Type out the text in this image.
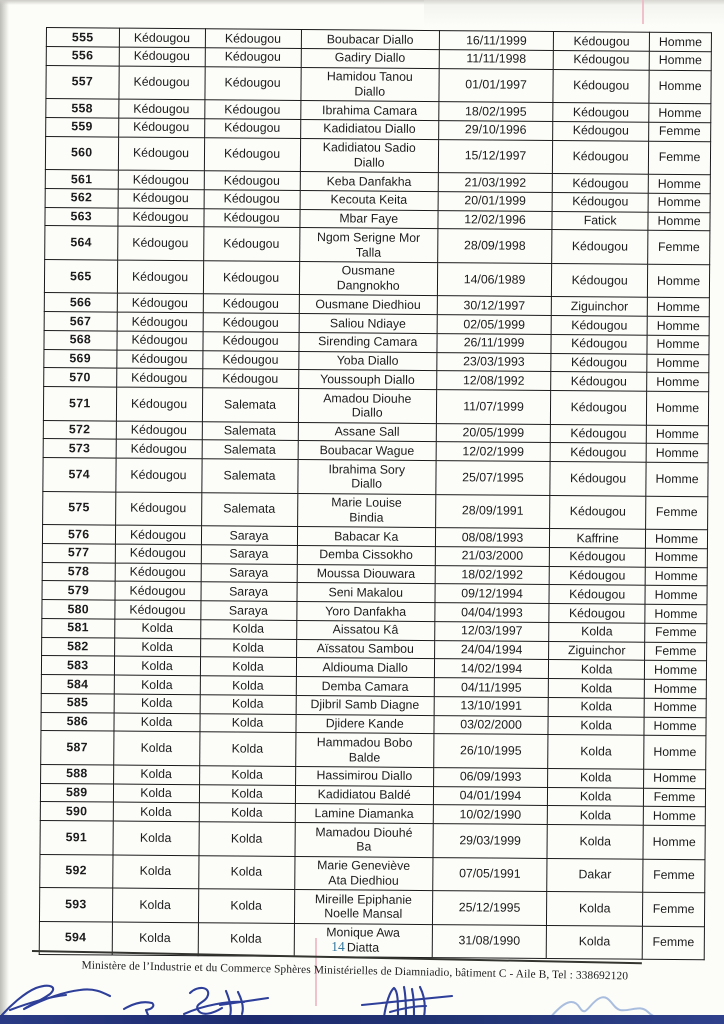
555	Kédougou	Kédougou	Boubacar Diallo	16/11/1999	Kédougou	Homme
556	Kédougou	Kédougou	Gadiry Diallo	11/11/1998	Kédougou	Homme
557	Kédougou	Kédougou	Hamidou Tanou
Diallo	01/01/1997	Kédougou	Homme
558	Kédougou	Kédougou	Ibrahima Camara	18/02/1995	Kédougou	Homme
559	Kédougou	Kédougou	Kadidiatou Diallo	29/10/1996	Kédougou	Femme
560	Kédougou	Kédougou	Kadidiatou Sadio
Diallo	15/12/1997	Kédougou	Femme
561	Kédougou	Kédougou	Keba Danfakha	21/03/1992	Kédougou	Homme
562	Kédougou	Kédougou	Kecouta Keita	20/01/1999	Kédougou	Homme
563	Kédougou	Kédougou	Mbar Faye	12/02/1996	Fatick	Homme
564	Kédougou	Kédougou	Ngom Serigne Mor
Talla	28/09/1998	Kédougou	Femme
565	Kédougou	Kédougou	Ousmane
Dangnokho	14/06/1989	Kédougou	Homme
566	Kédougou	Kédougou	Ousmane Diedhiou	30/12/1997	Ziguinchor	Homme
567	Kédougou	Kédougou	Saliou Ndiaye	02/05/1999	Kédougou	Homme
568	Kédougou	Kédougou	Sirending Camara	26/11/1999	Kédougou	Homme
569	Kédougou	Kédougou	Yoba Diallo	23/03/1993	Kédougou	Homme
570	Kédougou	Kédougou	Youssouph Diallo	12/08/1992	Kédougou	Homme
571	Kédougou	Salemata	Amadou Diouhe
Diallo	11/07/1999	Kédougou	Homme
572	Kédougou	Salemata	Assane Sall	20/05/1999	Kédougou	Homme
573	Kédougou	Salemata	Boubacar Wague	12/02/1999	Kédougou	Homme
574	Kédougou	Salemata	Ibrahima Sory
Diallo	25/07/1995	Kédougou	Homme
575	Kédougou	Salemata	Marie Louise
Bindia	28/09/1991	Kédougou	Femme
576	Kédougou	Saraya	Babacar Ka	08/08/1993	Kaffrine	Homme
577	Kédougou	Saraya	Demba Cissokho	21/03/2000	Kédougou	Homme
578	Kédougou	Saraya	Moussa Diouwara	18/02/1992	Kédougou	Homme
579	Kédougou	Saraya	Seni Makalou	09/12/1994	Kédougou	Homme
580	Kédougou	Saraya	Yoro Danfakha	04/04/1993	Kédougou	Homme
581	Kolda	Kolda	Aissatou Kâ	12/03/1997	Kolda	Femme
582	Kolda	Kolda	Aïssatou Sambou	24/04/1994	Ziguinchor	Femme
583	Kolda	Kolda	Aldiouma Diallo	14/02/1994	Kolda	Homme
584	Kolda	Kolda	Demba Camara	04/11/1995	Kolda	Homme
585	Kolda	Kolda	Djibril Samb Diagne	13/10/1991	Kolda	Homme
586	Kolda	Kolda	Djidere Kande	03/02/2000	Kolda	Homme
587	Kolda	Kolda	Hammadou Bobo
Balde	26/10/1995	Kolda	Homme
588	Kolda	Kolda	Hassimirou Diallo	06/09/1993	Kolda	Homme
589	Kolda	Kolda	Kadidiatou Baldé	04/01/1994	Kolda	Femme
590	Kolda	Kolda	Lamine Diamanka	10/02/1990	Kolda	Homme
591	Kolda	Kolda	Mamadou Diouhé
Ba	29/03/1999	Kolda	Homme
592	Kolda	Kolda	Marie Geneviève
Ata Diedhiou	07/05/1991	Dakar	Femme
593	Kolda	Kolda	Mireille Epiphanie
Noelle Mansal	25/12/1995	Kolda	Femme
594	Kolda	Kolda	Monique Awa
Diatta	31/08/1990	Kolda	Femme
14
Ministère de l’Industrie et du Commerce Sphères Ministérielles de Diamniadio, bâtiment C - Aile B, Tel : 338692120
